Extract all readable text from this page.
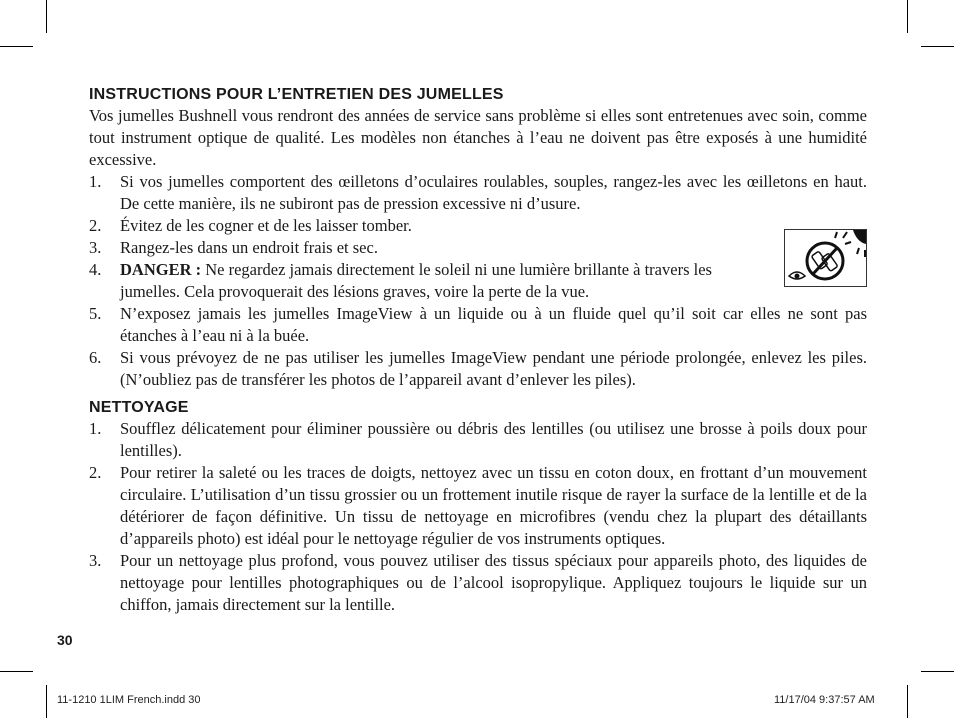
INSTRUCTIONS POUR L’ENTRETIEN DES JUMELLES

Vos jumelles Bushnell vous rendront des années de service sans problème si elles sont entretenues avec soin, comme tout instrument optique de qualité. Les modèles non étanches à l’eau ne doivent pas être exposés à une humidité excessive.

1. Si vos jumelles comportent des œilletons d’oculaires roulables, souples, rangez-les avec les œilletons en haut. De cette manière, ils ne subiront pas de pression excessive ni d’usure.
2. Évitez de les cogner et de les laisser tomber.
3. Rangez-les dans un endroit frais et sec.
4. DANGER : Ne regardez jamais directement le soleil ni une lumière brillante à travers les jumelles. Cela provoquerait des lésions graves, voire la perte de la vue.
5. N’exposez jamais les jumelles ImageView à un liquide ou à un fluide quel qu’il soit car elles ne sont pas étanches à l’eau ni à la buée.
6. Si vous prévoyez de ne pas utiliser les jumelles ImageView pendant une période prolongée, enlevez les piles. (N’oubliez pas de transférer les photos de l’appareil avant d’enlever les piles).
NETTOYAGE
1. Soufflez délicatement pour éliminer poussière ou débris des lentilles (ou utilisez une brosse à poils doux pour lentilles).
2. Pour retirer la saleté ou les traces de doigts, nettoyez avec un tissu en coton doux, en frottant d’un mouvement circulaire. L’utilisation d’un tissu grossier ou un frottement inutile risque de rayer la surface de la lentille et de la détériorer de façon définitive. Un tissu de nettoyage en microfibres (vendu chez la plupart des détaillants d’appareils photo) est idéal pour le nettoyage régulier de vos instruments optiques.
3. Pour un nettoyage plus profond, vous pouvez utiliser des tissus spéciaux pour appareils photo, des liquides de nettoyage pour lentilles photographiques ou de l’alcool isopropylique. Appliquez toujours le liquide sur un chiffon, jamais directement sur la lentille.
30
11-1210 1LIM French.indd 30	11/17/04 9:37:57 AM
